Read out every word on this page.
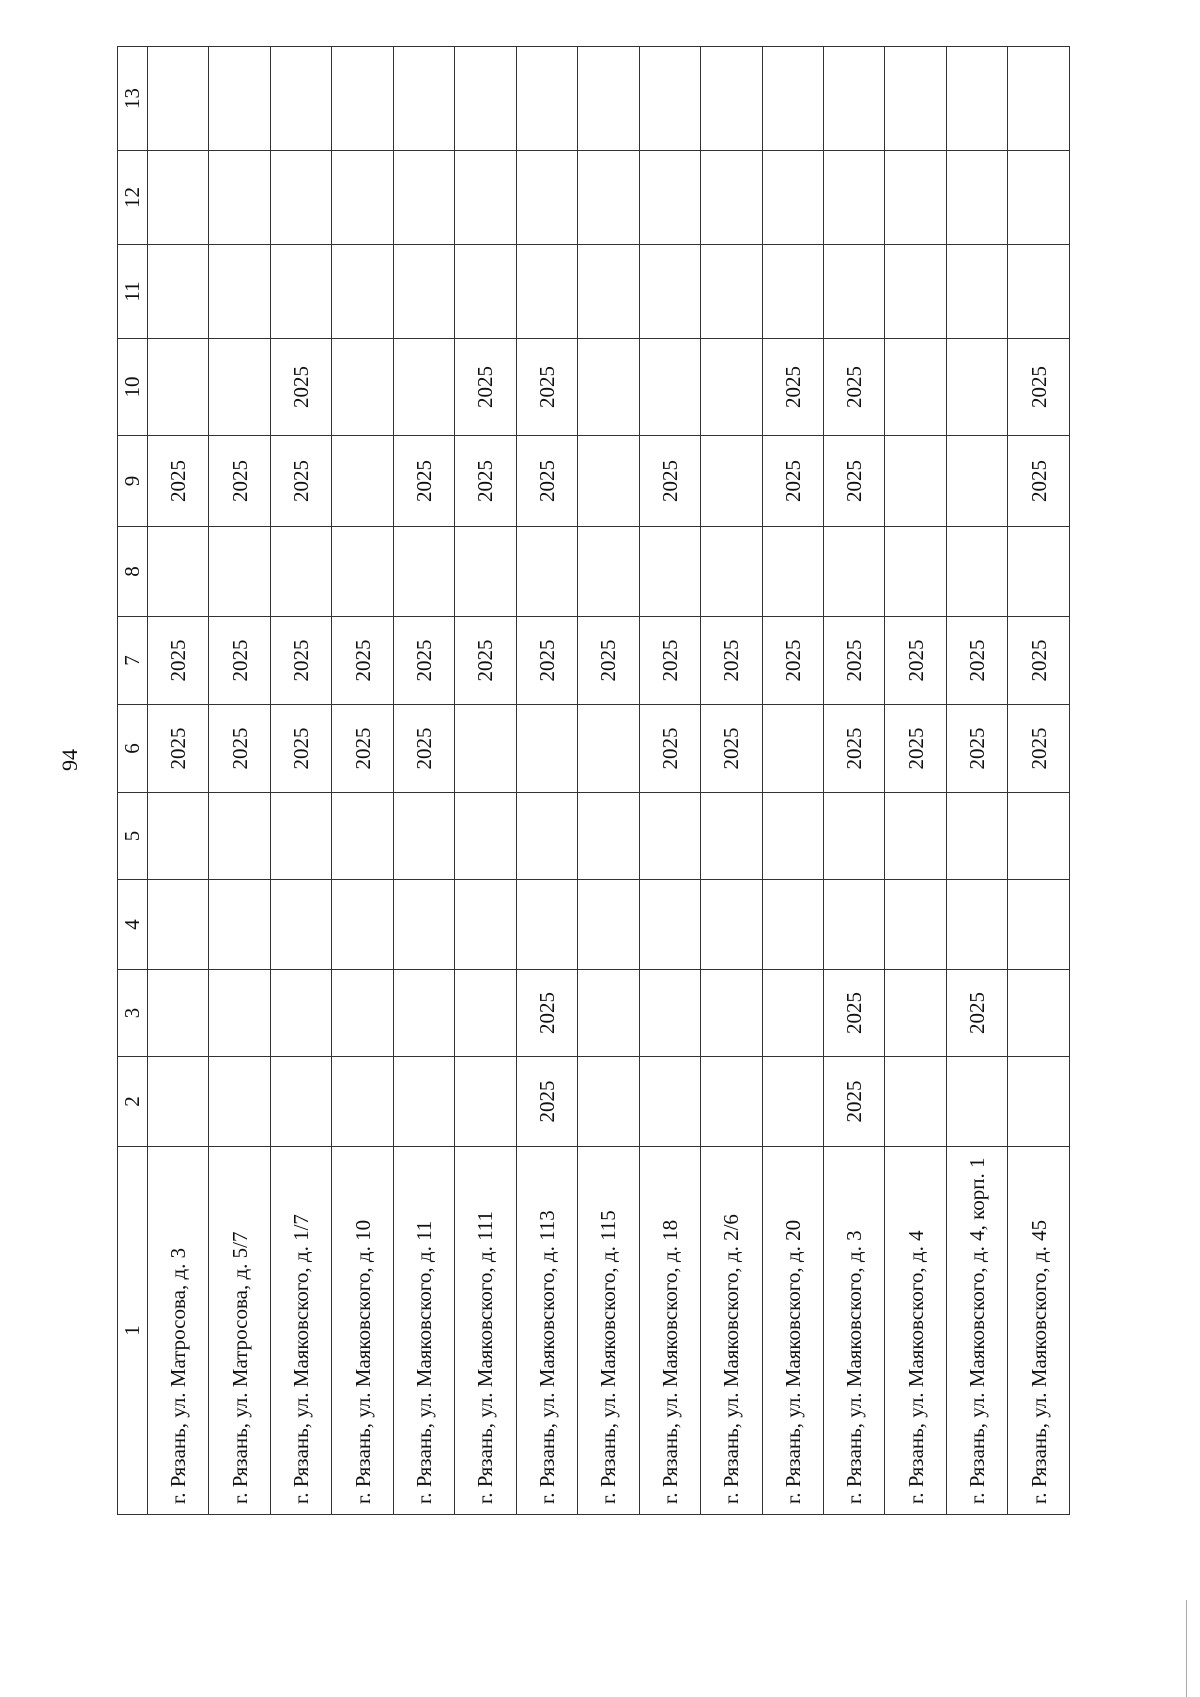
94
1	2	3	4	5	6	7	8	9	10	11	12	13
г. Рязань, ул. Матросова, д. 3					2025	2025		2025				
г. Рязань, ул. Матросова, д. 5/7					2025	2025		2025				
г. Рязань, ул. Маяковского, д. 1/7					2025	2025		2025	2025			
г. Рязань, ул. Маяковского, д. 10					2025	2025						
г. Рязань, ул. Маяковского, д. 11					2025	2025		2025				
г. Рязань, ул. Маяковского, д. 111						2025		2025	2025			
г. Рязань, ул. Маяковского, д. 113	2025	2025				2025		2025	2025			
г. Рязань, ул. Маяковского, д. 115						2025						
г. Рязань, ул. Маяковского, д. 18					2025	2025		2025				
г. Рязань, ул. Маяковского, д. 2/6					2025	2025						
г. Рязань, ул. Маяковского, д. 20						2025		2025	2025			
г. Рязань, ул. Маяковского, д. 3	2025	2025			2025	2025		2025	2025			
г. Рязань, ул. Маяковского, д. 4					2025	2025						
г. Рязань, ул. Маяковского, д. 4, корп. 1		2025			2025	2025						
г. Рязань, ул. Маяковского, д. 45					2025	2025		2025	2025			
